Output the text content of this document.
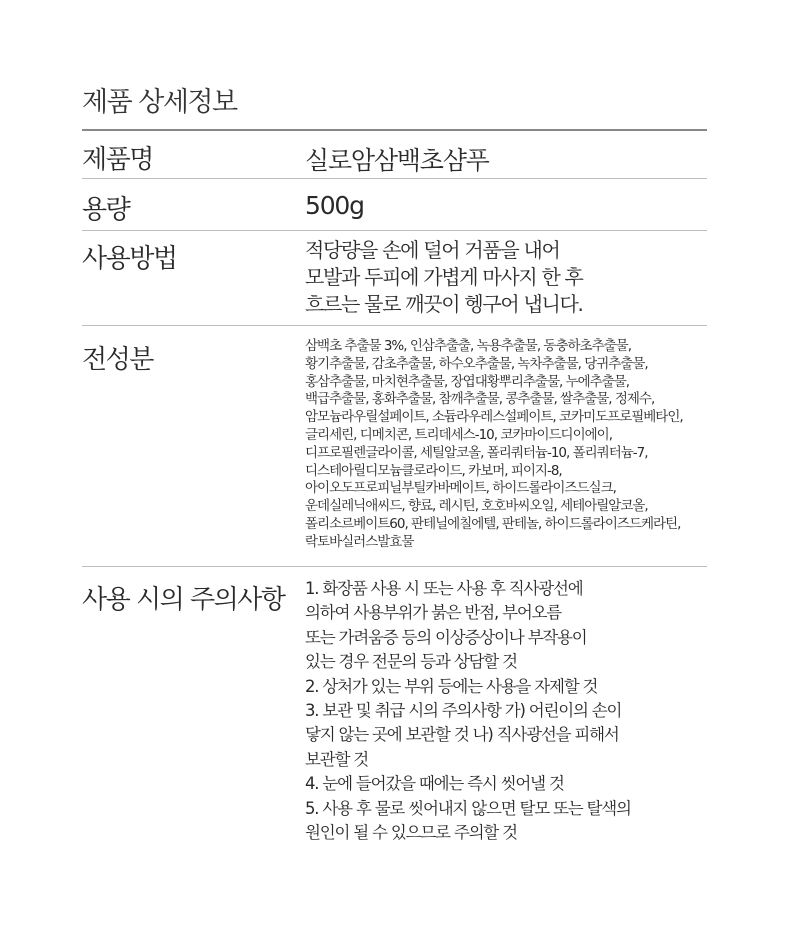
제품 상세정보
제품명	실로암삼백초샴푸
용량	500g
사용방법	적당량을 손에 덜어 거품을 내어
모발과 두피에 가볍게 마사지 한 후
흐르는 물로 깨끗이 헹구어 냅니다.
전성분	삼백초 추출물 3%, 인삼추출출, 녹용추출물, 동충하초추출물,
황기추출물, 감초추출물, 하수오추출물, 녹차추출물, 당귀추출물,
홍삼추출물, 마치현추출물, 장엽대황뿌리추출물, 누에추출물,
백급추출물, 홍화추출물, 참깨추출물, 콩추출물, 쌀추출물, 정제수,
암모늄라우릴설페이트, 소듐라우레스설페이트, 코카미도프로필베타인,
글리세린, 디메치콘, 트리데세스-10, 코카마이드디이에이,
디프로필렌글라이콜, 세틸알코올, 폴리쿼터늄-10, 폴리쿼터늄-7,
디스테아릴디모늄클로라이드, 카보머, 피이지-8,
아이오도프로피닐부틸카바메이트, 하이드롤라이즈드실크,
운데실레닉애씨드, 향료, 레시틴, 호호바씨오일, 세테아릴알코올,
폴리소르베이트60, 판테닐에칠에텔, 판테놀, 하이드롤라이즈드케라틴,
락토바실러스발효물
사용 시의 주의사항 1. 화장품 사용 시 또는 사용 후 직사광선에
의하여 사용부위가 붉은 반점, 부어오름
또는 가려움증 등의 이상증상이나 부작용이
있는 경우 전문의 등과 상담할 것
2. 상처가 있는 부위 등에는 사용을 자제할 것
3. 보관 및 취급 시의 주의사항 가) 어린이의 손이
닿지 않는 곳에 보관할 것 나) 직사광선을 피해서
보관할 것
4. 눈에 들어갔을 때에는 즉시 씻어낼 것
5. 사용 후 물로 씻어내지 않으면 탈모 또는 탈색의
원인이 될 수 있으므로 주의할 것
